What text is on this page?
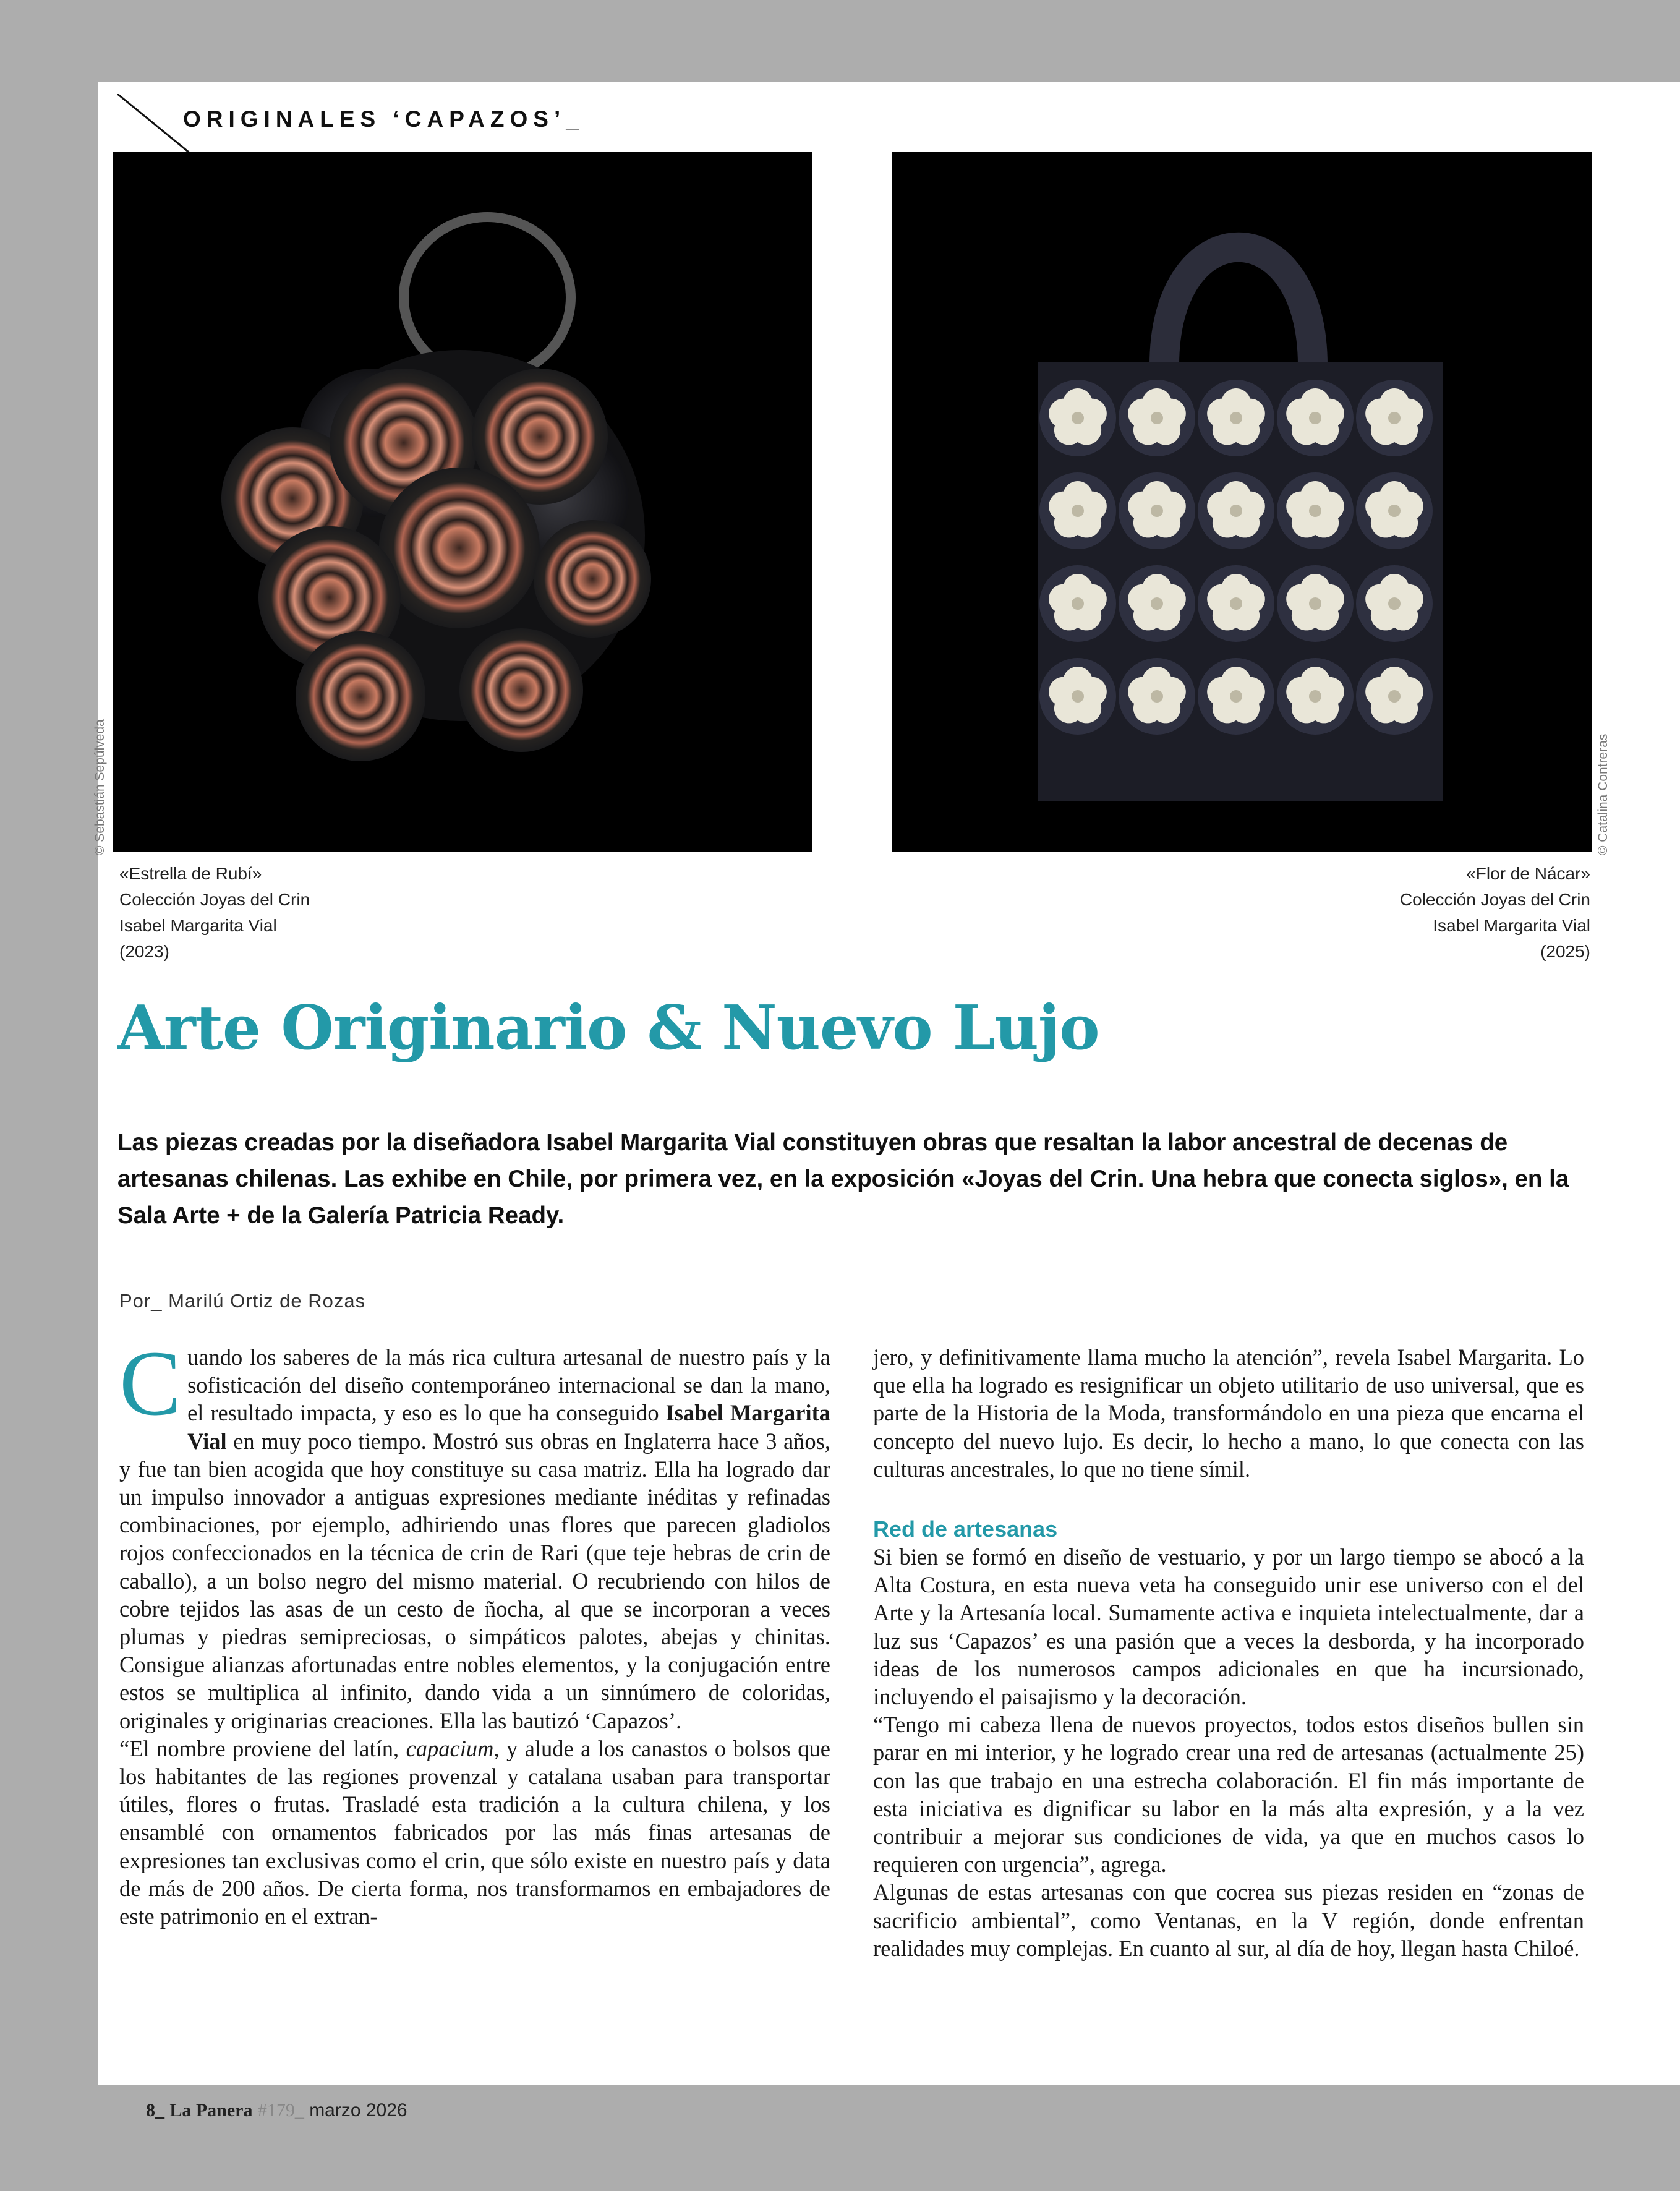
ORIGINALES ‘CAPAZOS’_

© Sebastián Sepúlveda	© Catalina Contreras

«Estrella de Rubí»
Colección Joyas del Crin
Isabel Margarita Vial
(2023)
«Flor de Nácar»
Colección Joyas del Crin
Isabel Margarita Vial
(2025)
Arte Originario & Nuevo Lujo

Las piezas creadas por la diseñadora Isabel Margarita Vial constituyen obras que resaltan la labor ancestral de decenas de artesanas chilenas. Las exhibe en Chile, por primera vez, en la exposición «Joyas del Crin. Una hebra que conecta siglos», en la Sala Arte + de la Galería Patricia Ready.

Por_ Marilú Ortiz de Rozas

C uando los saberes de la más rica cultura artesanal de nuestro país y la sofisticación del diseño contemporáneo internacional se dan la mano, el resultado impacta, y eso es lo que ha conseguido Isabel Margarita Vial en muy poco tiempo. Mostró sus obras en Inglaterra hace 3 años, y fue tan bien acogida que hoy constituye su casa matriz. Ella ha logrado dar un impulso innovador a antiguas expresiones mediante inéditas y refinadas combinaciones, por ejemplo, adhiriendo unas flores que parecen gladiolos rojos confeccionados en la técnica de crin de Rari (que teje hebras de crin de caballo), a un bolso negro del mismo material. O recubriendo con hilos de cobre tejidos las asas de un cesto de ñocha, al que se incorporan a veces plumas y piedras semipreciosas, o simpáticos palotes, abejas y chinitas. Consigue alianzas afortunadas entre nobles elementos, y la conjugación entre estos se multiplica al infinito, dando vida a un sinnúmero de coloridas, originales y originarias creaciones. Ella las bautizó ‘Capazos’.

“El nombre proviene del latín, capacium, y alude a los canastos o bolsos que los habitantes de las regiones provenzal y catalana usaban para transportar útiles, flores o frutas. Trasladé esta tradición a la cultura chilena, y los ensamblé con ornamentos fabricados por las más finas artesanas de expresiones tan exclusivas como el crin, que sólo existe en nuestro país y data de más de 200 años. De cierta forma, nos transformamos en embajadores de este patrimonio en el extran-

jero, y definitivamente llama mucho la atención”, revela Isabel Margarita. Lo que ella ha logrado es resignificar un objeto utilitario de uso universal, que es parte de la Historia de la Moda, transformándolo en una pieza que encarna el concepto del nuevo lujo. Es decir, lo hecho a mano, lo que conecta con las culturas ancestrales, lo que no tiene símil.

Red de artesanas

Si bien se formó en diseño de vestuario, y por un largo tiempo se abocó a la Alta Costura, en esta nueva veta ha conseguido unir ese universo con el del Arte y la Artesanía local. Sumamente activa e inquieta intelectualmente, dar a luz sus ‘Capazos’ es una pasión que a veces la desborda, y ha incorporado ideas de los numerosos campos adicionales en que ha incursionado, incluyendo el paisajismo y la decoración.

“Tengo mi cabeza llena de nuevos proyectos, todos estos diseños bullen sin parar en mi interior, y he logrado crear una red de artesanas (actualmente 25) con las que trabajo en una estrecha colaboración. El fin más importante de esta iniciativa es dignificar su labor en la más alta expresión, y a la vez contribuir a mejorar sus condiciones de vida, ya que en muchos casos lo requieren con urgencia”, agrega.

Algunas de estas artesanas con que cocrea sus piezas residen en “zonas de sacrificio ambiental”, como Ventanas, en la V región, donde enfrentan realidades muy complejas. En cuanto al sur, al día de hoy, llegan hasta Chiloé.

8_ La Panera #179_ marzo 2026
